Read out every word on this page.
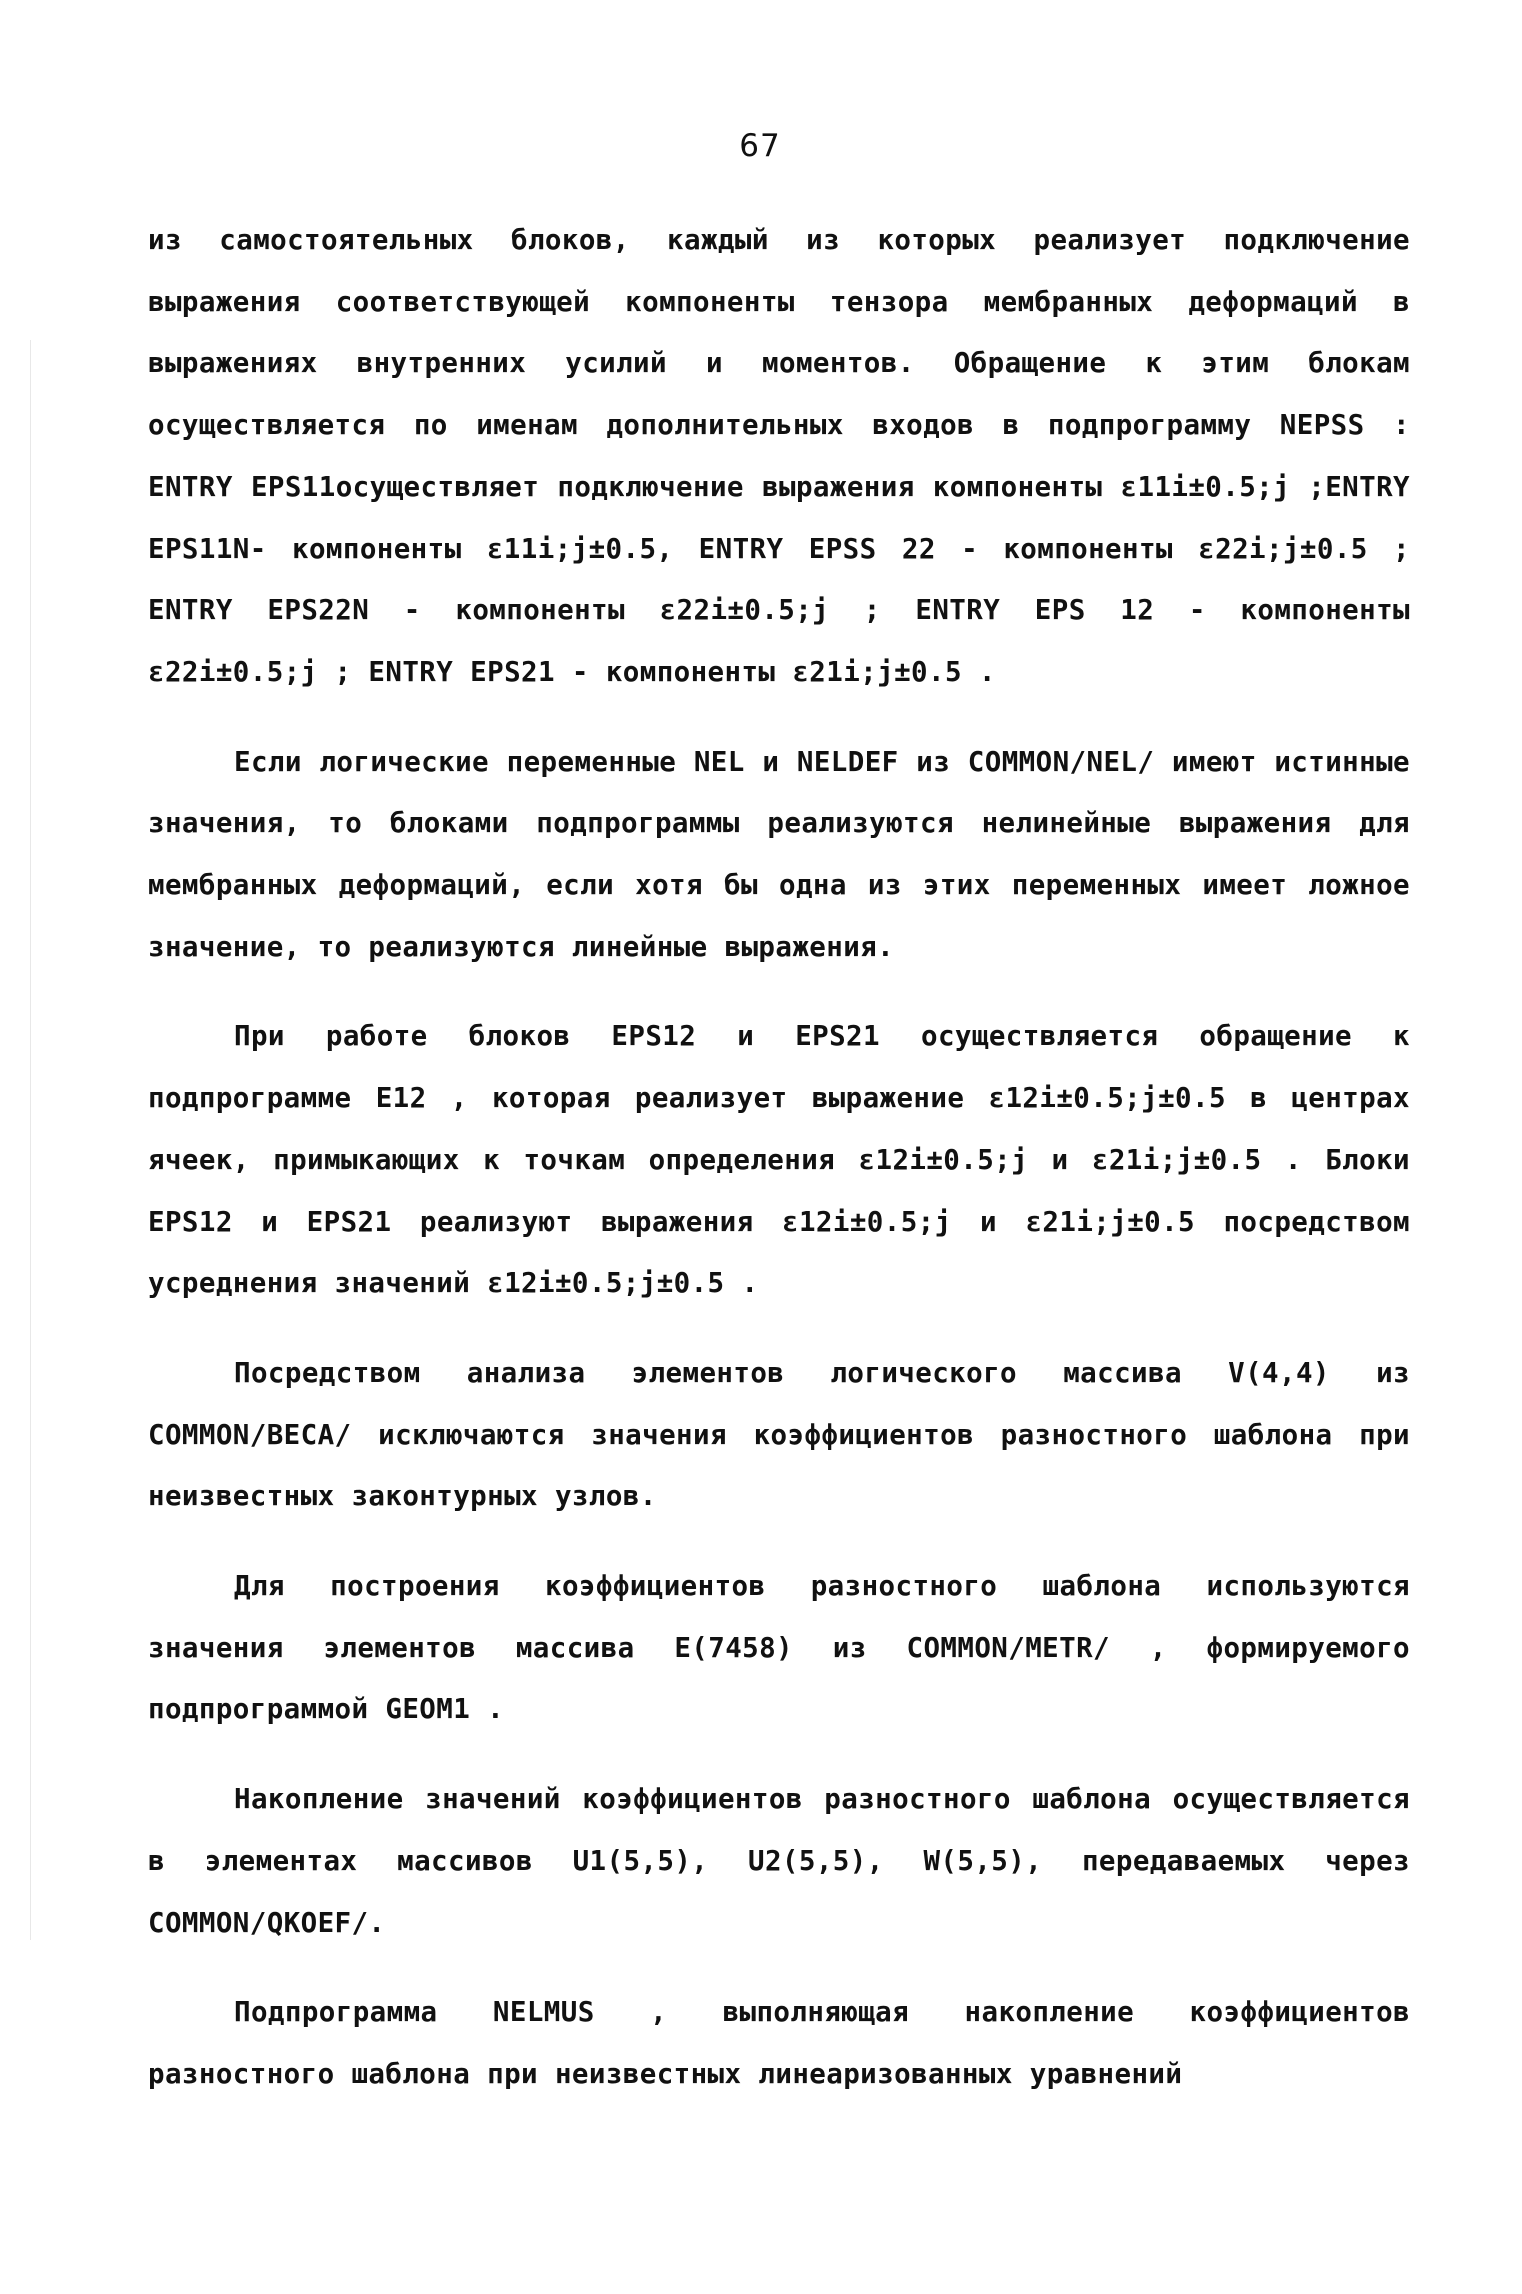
67

из самостоятельных блоков, каждый из которых реализует подключение выражения соответствующей компоненты тензора мембранных деформаций в выражениях внутренних усилий и моментов. Обращение к этим блокам осуществляется по именам дополнительных входов в подпрограмму NEPSS : ENTRY EPS11осуществляет подключение выражения компоненты ε11i±0.5;j ;ENTRY EPS11N- компоненты ε11i;j±0.5, ENTRY EPSS 22 - компоненты ε22i;j±0.5 ; ENTRY EPS22N - компоненты ε22i±0.5;j ; ENTRY EPS 12 - компоненты ε22i±0.5;j ; ENTRY EPS21 - компоненты ε21i;j±0.5 .

Если логические переменные NEL и NELDEF из COMMON/NEL/ имеют истинные значения, то блоками подпрограммы реализуются нелинейные выражения для мембранных деформаций, если хотя бы одна из этих переменных имеет ложное значение, то реализуются линейные выражения.

При работе блоков EPS12 и EPS21 осуществляется обращение к подпрограмме E12 , которая реализует выражение ε12i±0.5;j±0.5 в центрах ячеек, примыкающих к точкам определения ε12i±0.5;j и ε21i;j±0.5 . Блоки EPS12 и EPS21 реализуют выражения ε12i±0.5;j и ε21i;j±0.5 посредством усреднения значений ε12i±0.5;j±0.5 .

Посредством анализа элементов логического массива V(4,4) из COMMON/BECA/ исключаются значения коэффициентов разностного шаблона при неизвестных законтурных узлов.

Для построения коэффициентов разностного шаблона используются значения элементов массива E(7458) из COMMON/METR/ , формируемого подпрограммой GEOM1 .

Накопление значений коэффициентов разностного шаблона осуществляется в элементах массивов U1(5,5), U2(5,5), W(5,5), передаваемых через COMMON/QKOEF/.

Подпрограмма NELMUS , выполняющая накопление коэффициентов разностного шаблона при неизвестных линеаризованных уравнений
